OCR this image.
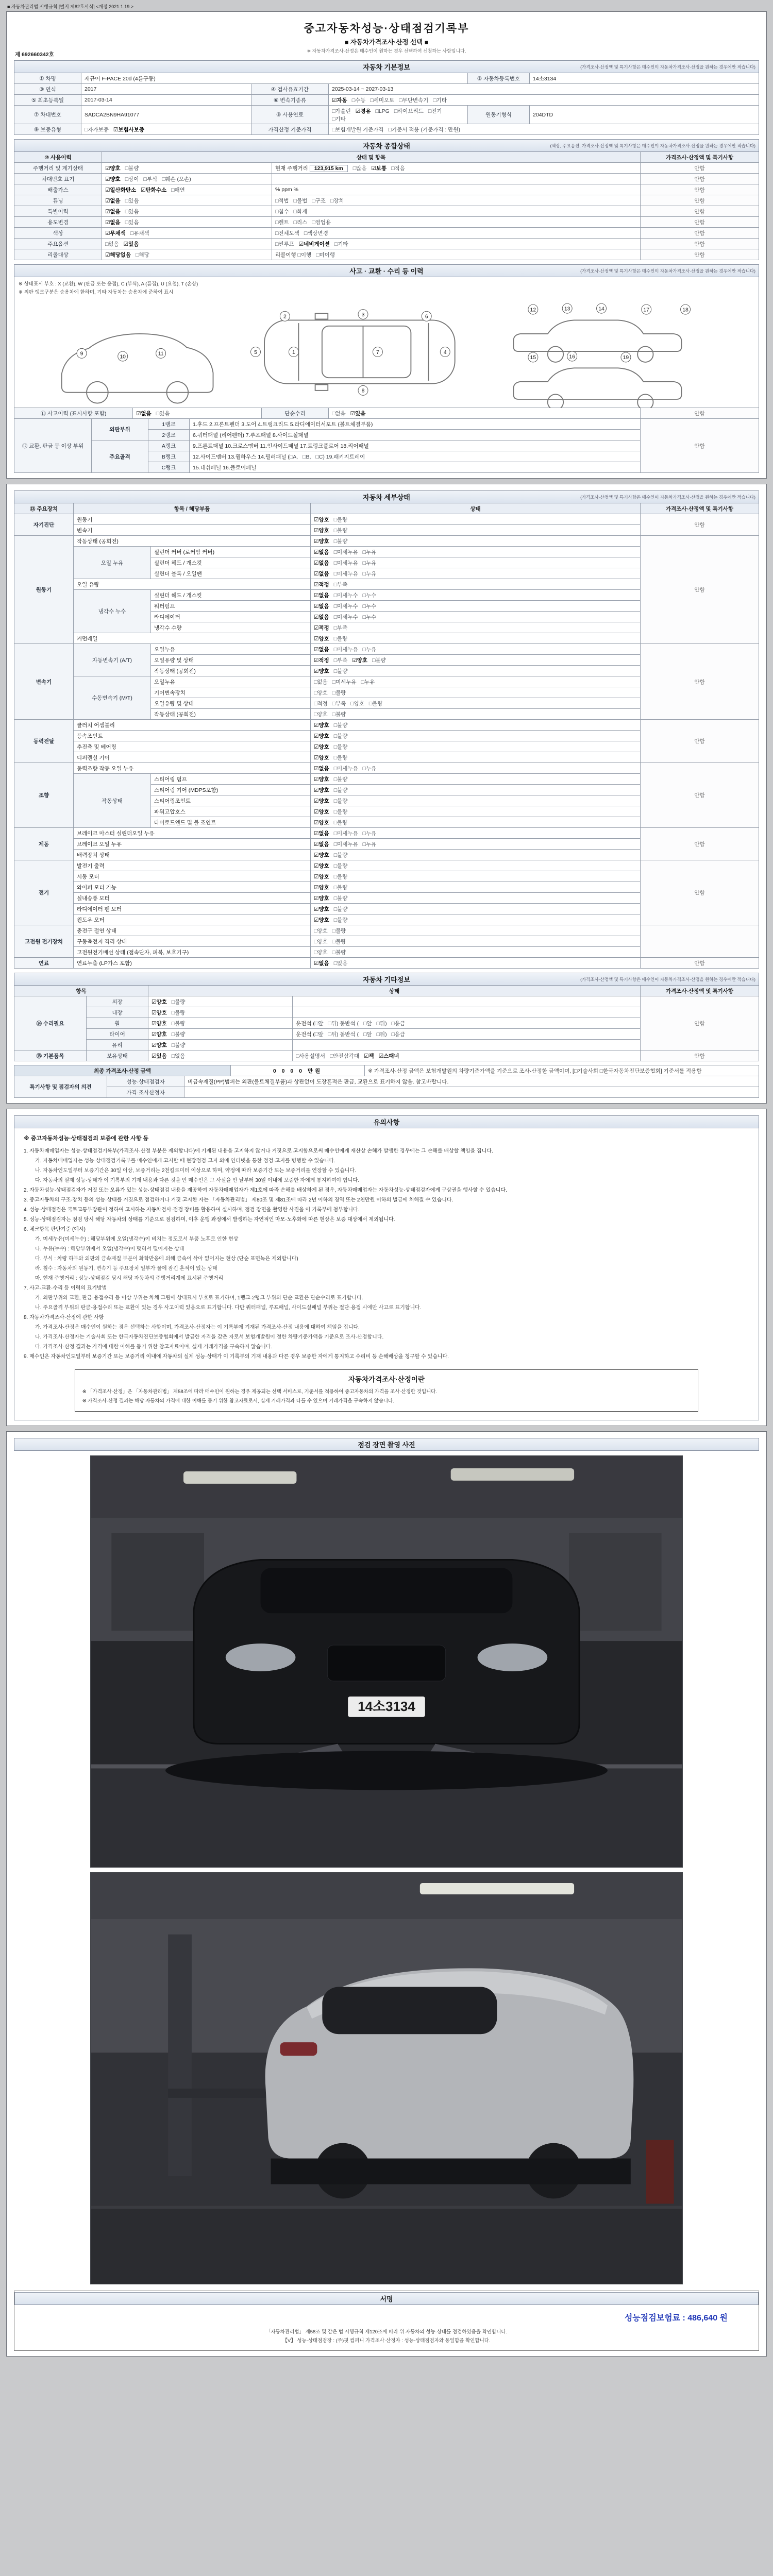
■ 자동차관리법 시행규칙 [별지 제82호서식] <개정 2021.1.19.>
제 692660342호
중고자동차성능·상태점검기록부
■ 자동차가격조사·산정 선택 ■
※ 자동차가격조사·산정은 매수인이 원하는 경우 선택하여 신청하는 사항입니다.
자동차 기본정보	(가격조사·산정액 및 특기사항은 매수인이 자동차가격조사·산정을 원하는 경우에만 적습니다)
① 차명	재규어 F-PACE 20d (4륜구동)			② 자동차등록번호	14소3134
③ 연식	2017	④ 검사유효기간	2025-03-14 ~ 2027-03-13		
⑤ 최초등록일	2017-03-14	⑥ 변속기종류	☑자동 □수동 □세미오토 □무단변속기 □기타		
⑦ 차대번호	SADCA2BN9HA91077	⑧ 사용연료	□가솔린 ☑경유 □LPG □하이브리드 □전기□기타	원동기형식	204DTD
⑨ 보증유형	□자가보증 ☑보험사보증	가격산정 기준가격	□보험개발원 기준가격 □기준서 적용 (기준가격 : 만원)		
자동차 종합상태	(색상, 주요옵션, 가격조사·산정액 및 특기사항은 매수인이 자동차가격조사·산정을 원하는 경우에만 적습니다)
⑩ 사용이력	상태 및 항목		가격조사·산정액 및 특기사항
주행거리 및 계기상태	☑양호 □불량	현재 주행거리 123,915 km □많음 ☑보통 □적음	안함
차대번호 표기	☑양호 □상이 □부식 □훼손 (오손)		안함
배출가스	☑일산화탄소 ☑탄화수소 □매연	% ppm %	안함
튜닝	☑없음 □있음	□적법 □불법 □구조 □장치	안함
특별이력	☑없음 □있음	□침수 □화재	안함
용도변경	☑없음 □있음	□렌트 □리스 □영업용	안함
색상	☑무채색 □유채색	□전체도색 □색상변경	안함
주요옵션	□없음 ☑있음	□썬루프 ☑네비게이션 □기타	안함
리콜대상	☑해당없음 □해당	리콜이행 □이행 □미이행	안함
사고 · 교환 · 수리 등 이력	(가격조사·산정액 및 특기사항은 매수인이 자동차가격조사·산정을 원하는 경우에만 적습니다)
※ 상태표시 부호 : X (교환), W (판금 또는 용접), C (부식), A (흠집), U (요철), T (손상)
※ 외판 랭크구분은 승용차에 한하며, 기타 자동차는 승용차에 준하여 표시
1
2	3
4
5
6
7
8
9
10
11
12	13	14	17	18
15	16	19
⑪ 사고이력 (표시사항 포함)	☑없음 □있음	단순수리	□없음 ☑있음	안함
⑫ 교환, 판금 등 이상 부위	외판부위	1랭크	1.후드 2.프론트펜더 3.도어 4.트렁크리드 5.라디에이터서포트 (볼트체결부품)	안함
		2랭크	6.쿼터패널 (리어펜더) 7.루프패널 8.사이드실패널	
	주요골격	A랭크	9.프론트패널 10.크로스멤버 11.인사이드패널 17.트렁크플로어 18.리어패널	
		B랭크	12.사이드멤버 13.휠하우스 14.필러패널 (□A, □B, □C) 19.패키지트레이	
		C랭크	15.대쉬패널 16.플로어패널	
자동차 세부상태	(가격조사·산정액 및 특기사항은 매수인이 자동차가격조사·산정을 원하는 경우에만 적습니다)
⑬ 주요장치	항목 / 해당부품		상태	가격조사·산정액 및 특기사항
자기진단	원동기		☑양호 □불량	안함
	변속기		☑양호 □불량	
원동기	작동상태 (공회전)		☑양호 □불량	안함
	오일 누유	실린더 커버 (로커암 커버)	☑없음 □미세누유 □누유	
		실린더 헤드 / 개스킷	☑없음 □미세누유 □누유	
		실린더 블록 / 오일팬	☑없음 □미세누유 □누유	
	오일 유량		☑적정 □부족	
	냉각수 누수	실린더 헤드 / 개스킷	☑없음 □미세누수 □누수	
		워터펌프	☑없음 □미세누수 □누수	
		라디에이터	☑없음 □미세누수 □누수	
		냉각수 수량	☑적정 □부족	
	커먼레일		☑양호 □불량	
변속기	자동변속기 (A/T)	오일누유	☑없음 □미세누유 □누유	안함
		오일유량 및 상태	☑적정 □부족 ☑양호 □불량	
		작동상태 (공회전)	☑양호 □불량	
	수동변속기 (M/T)	오일누유	□없음 □미세누유 □누유	
		기어변속장치	□양호 □불량	
		오일유량 및 상태	□적정 □부족 □양호 □불량	
		작동상태 (공회전)	□양호 □불량	
동력전달	클러치 어셈블리		☑양호 □불량	안함
	등속조인트		☑양호 □불량	
	추진축 및 베어링		☑양호 □불량	
	디퍼렌셜 기어		☑양호 □불량	
조향	동력조향 작동 오일 누유		☑없음 □미세누유 □누유	안함
	작동상태	스티어링 펌프	☑양호 □불량	
		스티어링 기어 (MDPS포함)	☑양호 □불량	
		스티어링조인트	☑양호 □불량	
		파워고압호스	☑양호 □불량	
		타이로드엔드 및 볼 조인트	☑양호 □불량	
제동	브레이크 마스터 실린더오일 누유		☑없음 □미세누유 □누유	안함
	브레이크 오일 누유		☑없음 □미세누유 □누유	
	배력장치 상태		☑양호 □불량	
전기	발전기 출력		☑양호 □불량	안함
	시동 모터		☑양호 □불량	
	와이퍼 모터 기능		☑양호 □불량	
	실내송풍 모터		☑양호 □불량	
	라디에이터 팬 모터		☑양호 □불량	
	윈도우 모터		☑양호 □불량	
고전원 전기장치	충전구 절연 상태		□양호 □불량	
	구동축전지 격리 상태		□양호 □불량	
	고전원전기배선 상태 (접속단자, 피복, 보호기구)		□양호 □불량	
연료	연료누출 (LP가스 포함)		☑없음 □있음	안함
자동차 기타정보	(가격조사·산정액 및 특기사항은 매수인이 자동차가격조사·산정을 원하는 경우에만 적습니다)
항목		상태		가격조사·산정액 및 특기사항
⑭ 수리필요	외장	☑양호 □불량		안함
	내장	☑양호 □불량		
	휠	☑양호 □불량	운전석 (□앞 □뒤) 동반석 ( □앞 □뒤) □응급	
	타이어	☑양호 □불량	운전석 (□앞 □뒤) 동반석 ( □앞 □뒤) □응급	
	유리	☑양호 □불량		
⑮ 기본품목	보유상태	☑있음 □없음	□사용설명서 □안전삼각대 ☑잭 ☑스패너	안함
최종 가격조사·산정 금액	0 0 0 0 만원	※ 가격조사·산정 금액은 보험개발원의 차량기준가액을 기준으로 조사·산정한 금액이며, [□기술사회 □한국자동차진단보증협회] 기준서를 적용함
특기사항 및 점검자의 의견	성능·상태점검자	비금속재질(PP)범퍼는 외판(볼트체결부품)과 상관없이 도장흔적은 판금, 교환으로 표기하지 않음. 참고바랍니다.
	가격·조사산정자	
유의사항
※ 중고자동차성능·상태점검의 보증에 관한 사항 등
1. 자동차매매업자는 성능·상태점검기록부(가격조사·산정 부분은 제외합니다)에 기재된 내용을 고지하지 않거나 거짓으로 고지함으로써 매수인에게 재산상 손해가 발생한 경우에는 그 손해를 배상할 책임을 집니다.
가. 자동차매매업자는 성능·상태점검기록부를 매수인에게 고지할 때 현장점검·고지 외에 인터넷을 통한 점검·고지를 병행할 수 있습니다.
나. 자동차인도일부터 보증기간은 30일 이상, 보증거리는 2천킬로미터 이상으로 하며, 약정에 따라 보증기간 또는 보증거리를 연장할 수 있습니다.
다. 자동차의 실제 성능·상태가 이 기록부의 기재 내용과 다른 것을 안 매수인은 그 사실을 안 날부터 30일 이내에 보증한 자에게 통지하여야 합니다.
2. 자동차성능·상태점검자가 거짓 또는 오류가 있는 성능·상태점검 내용을 제공하여 자동차매매업자가 제1호에 따라 손해를 배상하게 된 경우, 자동차매매업자는 자동차성능·상태점검자에게 구상권을 행사할 수 있습니다.
3. 중고자동차의 구조·장치 등의 성능·상태를 거짓으로 점검하거나 거짓 고지한 자는 「자동차관리법」 제80조 및 제81조에 따라 2년 이하의 징역 또는 2천만원 이하의 벌금에 처해질 수 있습니다.
4. 성능·상태점검은 국토교통부장관이 정하여 고시하는 자동차검사·점검 장비를 활용하여 실시하며, 점검 장면을 촬영한 사진을 이 기록부에 첨부합니다.
5. 성능·상태점검자는 점검 당시 해당 자동차의 상태를 기준으로 점검하며, 이후 운행 과정에서 발생하는 자연적인 마모·노후화에 따른 현상은 보증 대상에서 제외됩니다.
6. 체크항목 판단기준 (예시)
가. 미세누유(미세누수) : 해당부위에 오일(냉각수)이 비치는 정도로서 부품 노후로 인한 현상
나. 누유(누수) : 해당부위에서 오일(냉각수)이 맺혀서 떨어지는 상태
다. 부식 : 차량 하부와 외판의 금속재질 부분이 화학반응에 의해 금속이 삭아 없어지는 현상 (단순 표면녹은 제외합니다)
라. 침수 : 자동차의 원동기, 변속기 등 주요장치 일부가 물에 잠긴 흔적이 있는 상태
마. 현재 주행거리 : 성능·상태점검 당시 해당 자동차의 주행거리계에 표시된 주행거리
7. 사고·교환·수리 등 이력의 표기방법
가. 외판부위의 교환, 판금·용접수리 등 이상 부위는 차체 그림에 상태표시 부호로 표기하며, 1랭크·2랭크 부위의 단순 교환은 단순수리로 표기합니다.
나. 주요골격 부위의 판금·용접수리 또는 교환이 있는 경우 사고이력 있음으로 표기합니다. 다만 쿼터패널, 루프패널, 사이드실패널 부위는 절단·용접 시에만 사고로 표기합니다.
8. 자동차가격조사·산정에 관한 사항
가. 가격조사·산정은 매수인이 원하는 경우 선택하는 사항이며, 가격조사·산정자는 이 기록부에 기재된 가격조사·산정 내용에 대하여 책임을 집니다.
나. 가격조사·산정자는 기술사회 또는 한국자동차진단보증협회에서 발급한 자격을 갖춘 자로서 보험개발원이 정한 차량기준가액을 기준으로 조사·산정합니다.
다. 가격조사·산정 결과는 가격에 대한 이해를 돕기 위한 참고자료이며, 실제 거래가격을 구속하지 않습니다.
9. 매수인은 자동차인도일부터 보증기간 또는 보증거리 이내에 자동차의 실제 성능·상태가 이 기록부의 기재 내용과 다른 경우 보증한 자에게 통지하고 수리비 등 손해배상을 청구할 수 있습니다.
자동차가격조사·산정이란
※ 「가격조사·산정」은 「자동차관리법」 제58조에 따라 매수인이 원하는 경우 제공되는 선택 서비스로, 기준서를 적용하여 중고자동차의 가격을 조사·산정한 것입니다.
※ 가격조사·산정 결과는 해당 자동차의 가격에 대한 이해를 돕기 위한 참고자료로서, 실제 거래가격과 다를 수 있으며 거래가격을 구속하지 않습니다.
점검 장면 촬영 사진
14소3134
서명
성능점검보험료 : 486,640 원
「자동차관리법」 제58조 및 같은 법 시행규칙 제120조에 따라 위 자동차의 성능·상태를 점검하였음을 확인합니다.
【V】 성능·상태점검장 : (주)핏 컴퍼니 가격조사·산정자 : 성능·상태점검자와 동일함을 확인합니다.
